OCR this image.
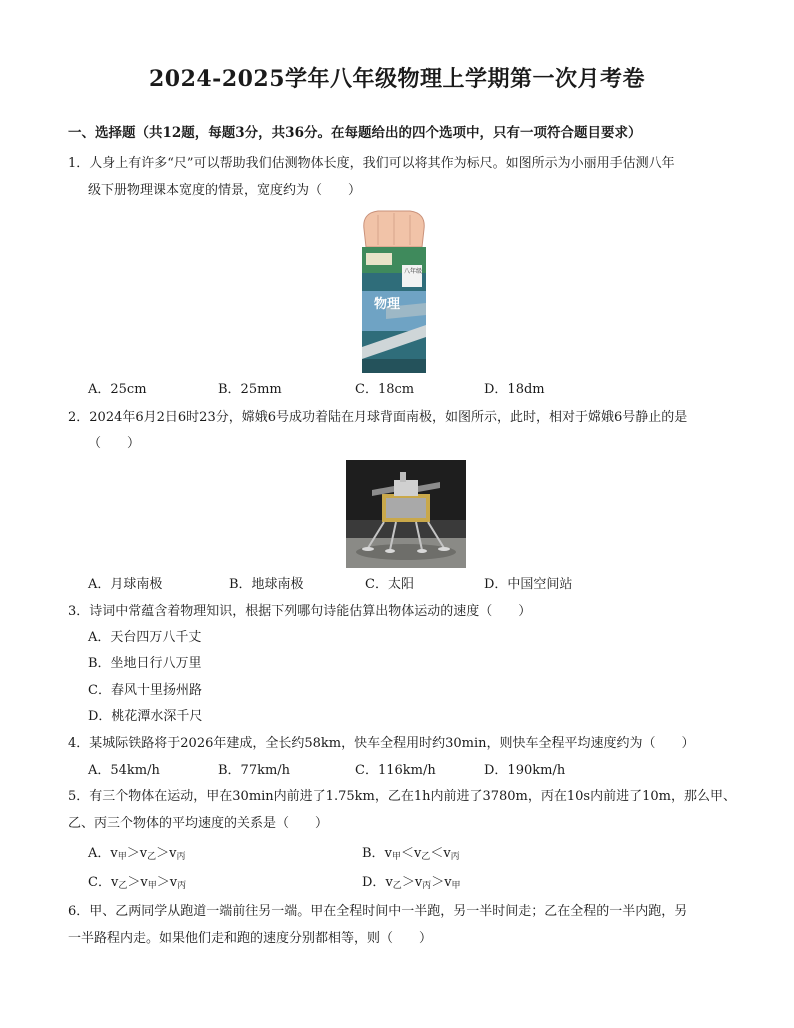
2024-2025学年八年级物理上学期第一次月考卷
一、选择题（共12题，每题3分，共36分。在每题给出的四个选项中，只有一项符合题目要求）
1．人身上有许多“尺”可以帮助我们估测物体长度，我们可以将其作为标尺。如图所示为小丽用手估测八年
级下册物理课本宽度的情景，宽度约为（　　）
物理
八年级
A．25cm	B．25mm	C．18cm	D．18dm
2．2024年6月2日6时23分，嫦娥6号成功着陆在月球背面南极，如图所示，此时，相对于嫦娥6号静止的是
（　　）
A．月球南极	B．地球南极	C．太阳	D．中国空间站
3．诗词中常蕴含着物理知识，根据下列哪句诗能估算出物体运动的速度（　　）
A．天台四万八千丈
B．坐地日行八万里
C．春风十里扬州路
D．桃花潭水深千尺
4．某城际铁路将于2026年建成，全长约58km，快车全程用时约30min，则快车全程平均速度约为（　　）
A．54km/h	B．77km/h	C．116km/h	D．190km/h
5．有三个物体在运动，甲在30min内前进了1.75km，乙在1h内前进了3780m，丙在10s内前进了10m，那么甲、
乙、丙三个物体的平均速度的关系是（　　）
A．$v_甲>v_乙>v_丙$	B．$v_甲<v_乙<v_丙$
C．$v_乙>v_甲>v_丙$	D．$v_乙>v_丙>v_甲$
6．甲、乙两同学从跑道一端前往另一端。甲在全程时间中一半跑，另一半时间走；乙在全程的一半内跑，另
一半路程内走。如果他们走和跑的速度分别都相等，则（　　）
